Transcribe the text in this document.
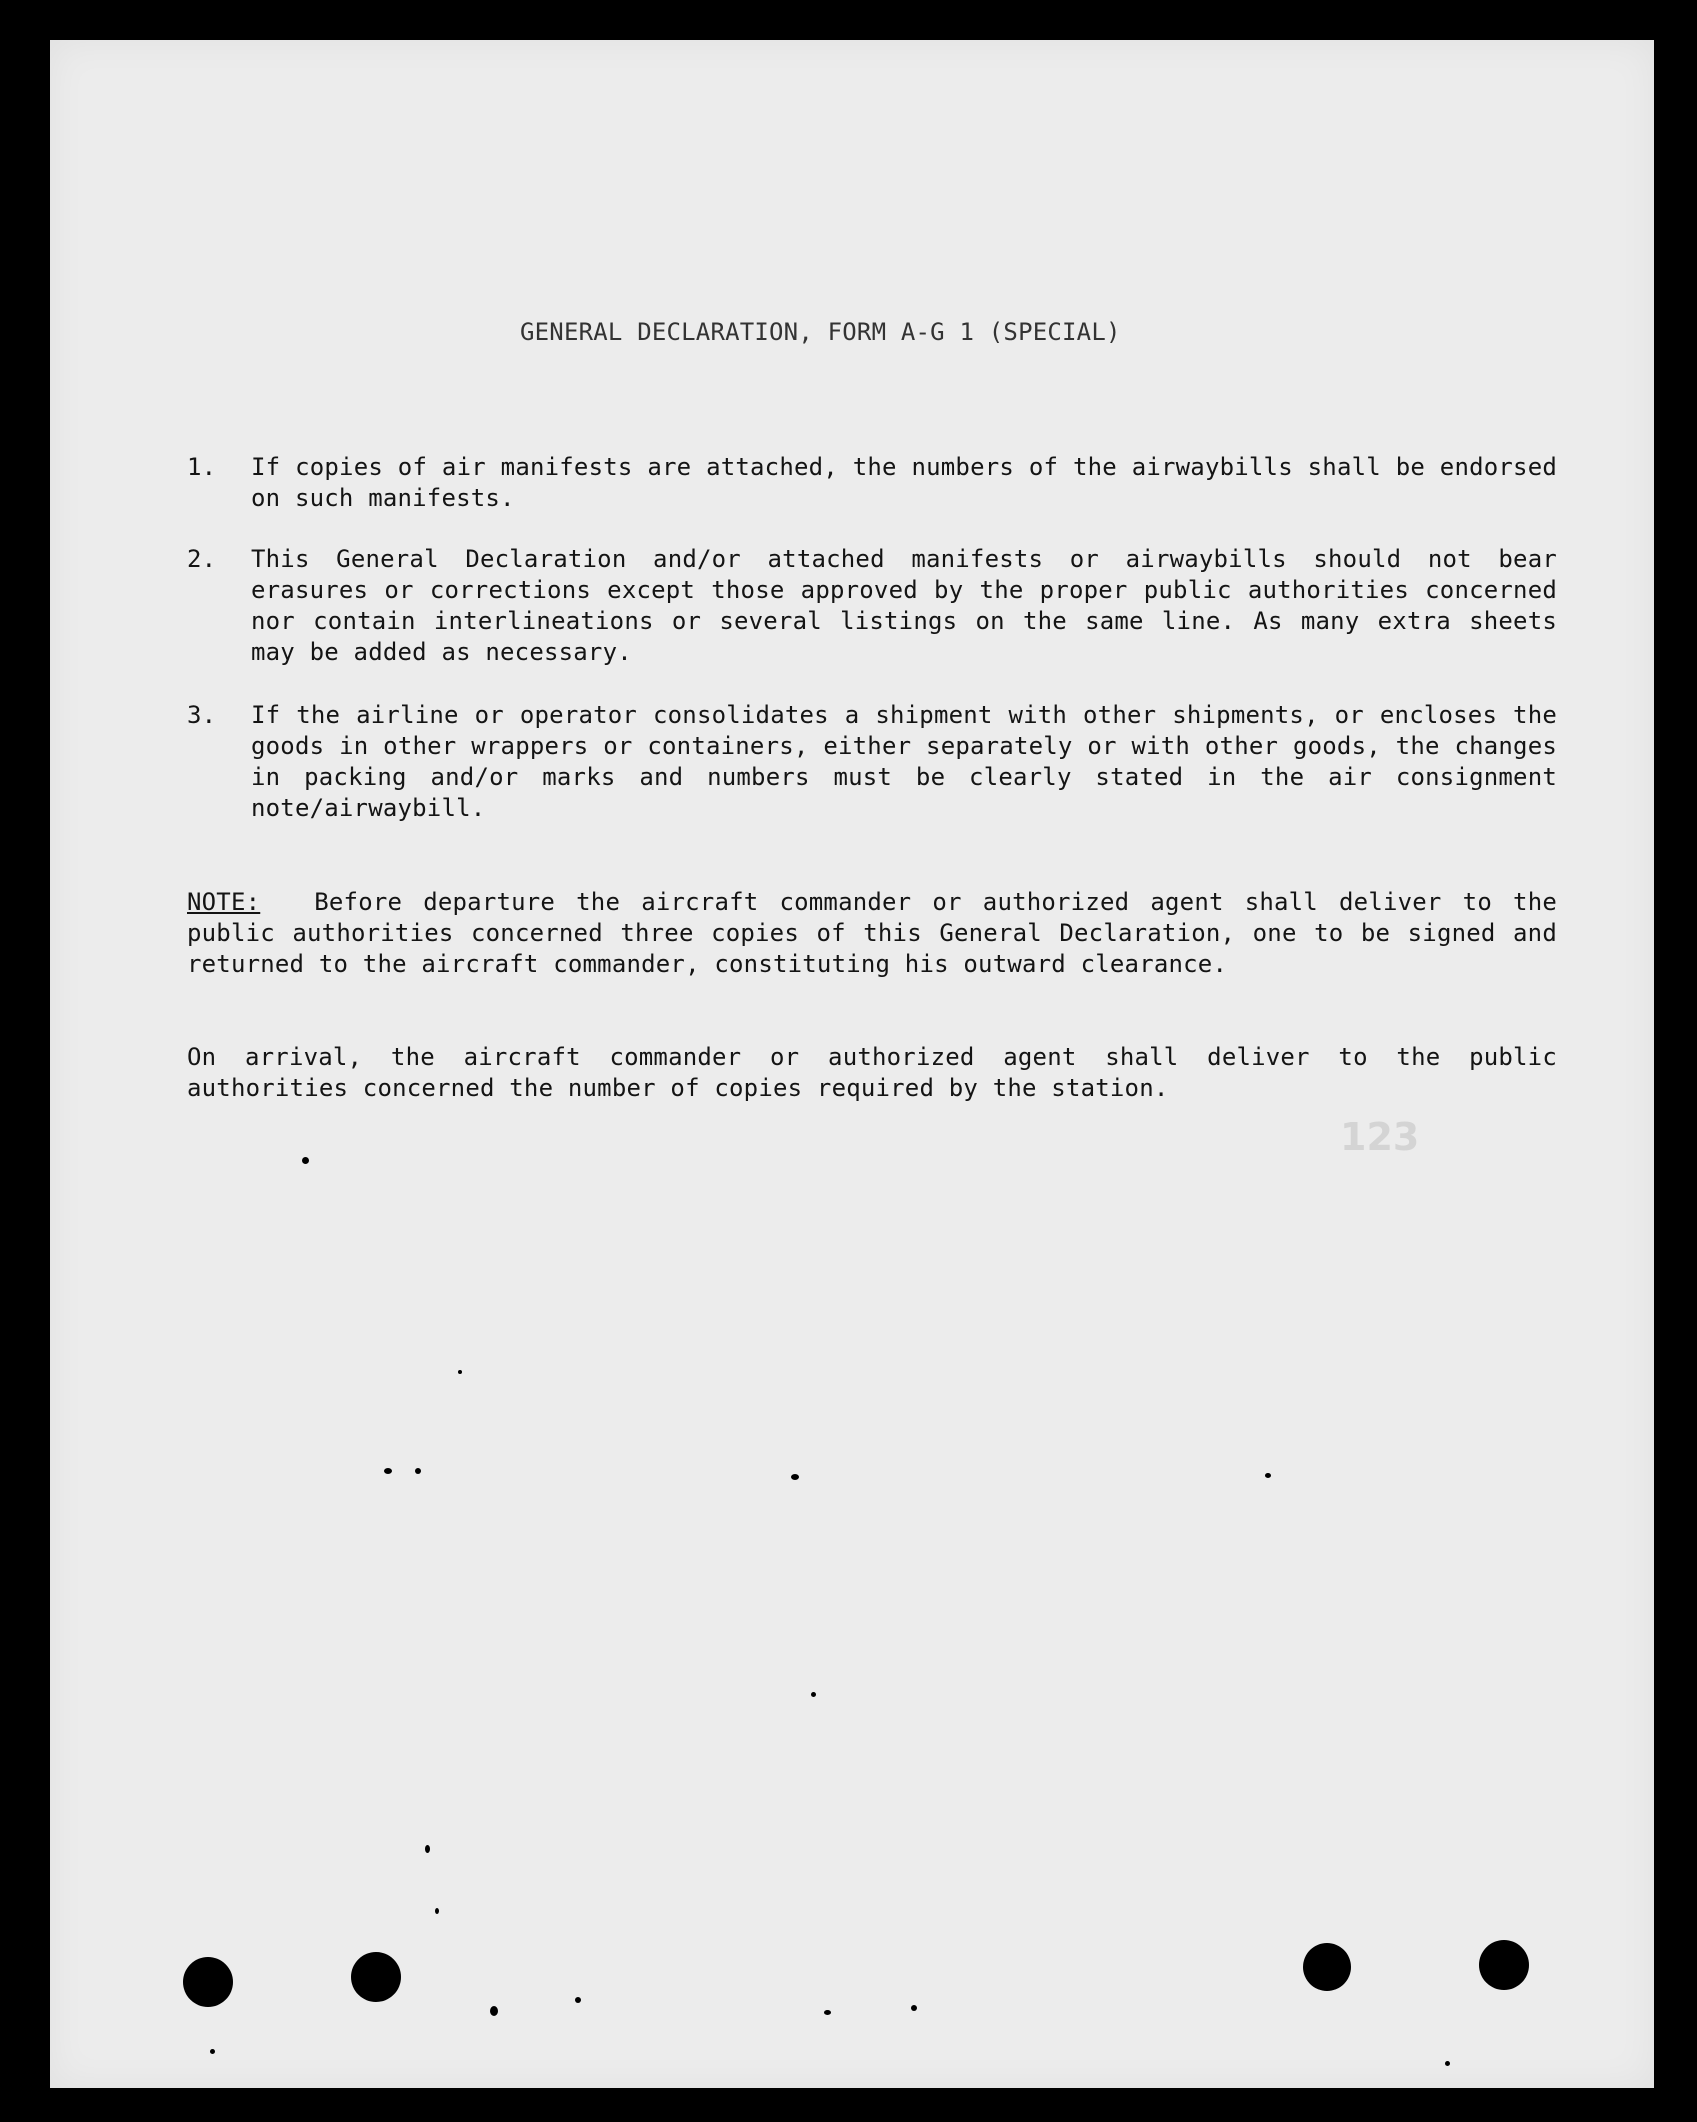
GENERAL DECLARATION, FORM A-G 1 (SPECIAL)
1.	If copies of air manifests are attached, the numbers of the airwaybills shall be endorsed on such manifests.
2.	This General Declaration and/or attached manifests or airwaybills should not bear erasures or corrections except those approved by the proper public authorities concerned nor contain interlineations or several listings on the same line. As many extra sheets may be added as necessary.
3.	If the airline or operator consolidates a shipment with other shipments, or encloses the goods in other wrappers or containers, either separately or with other goods, the changes in packing and/or marks and numbers must be clearly stated in the air consignment note/airwaybill.
NOTE: Before departure the aircraft commander or authorized agent shall deliver to the public authorities concerned three copies of this General Declaration, one to be signed and returned to the aircraft commander, constituting his outward clearance.
On arrival, the aircraft commander or authorized agent shall deliver to the public authorities concerned the number of copies required by the station.
123
